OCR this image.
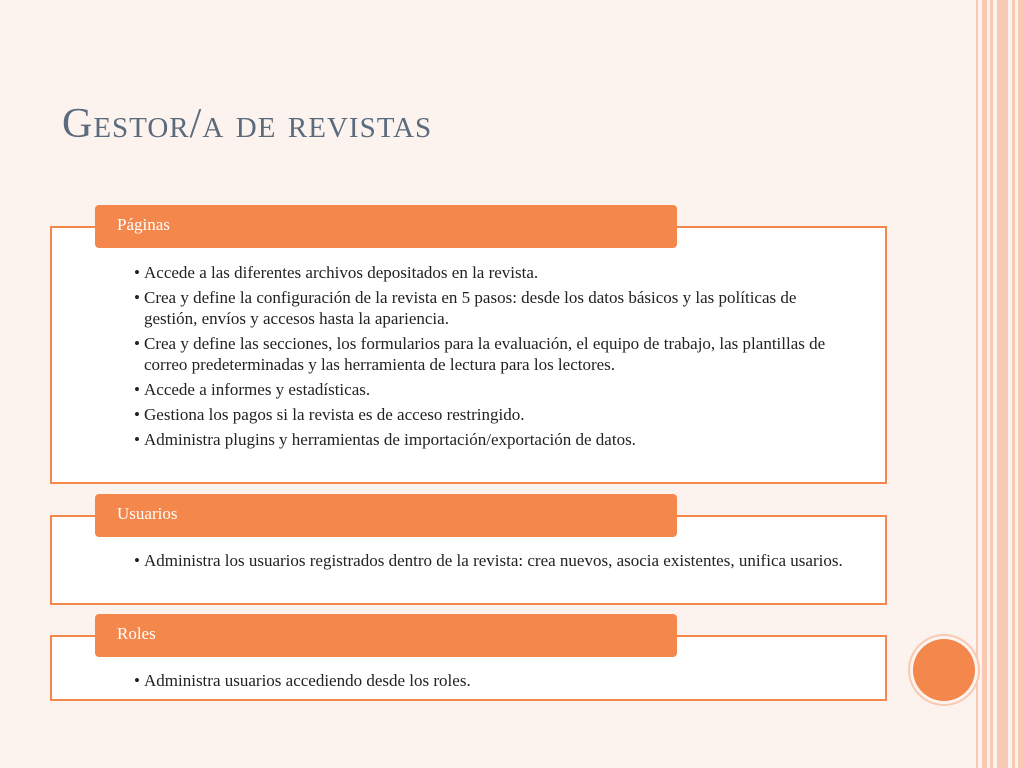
Gestor/a de revistas
• Accede a las diferentes archivos depositados en la revista.
• Crea y define la configuración de la revista en 5 pasos: desde los datos básicos y las políticas de gestión, envíos y accesos hasta la apariencia.
• Crea y define las secciones, los formularios para la evaluación, el equipo de trabajo, las plantillas de correo predeterminadas y las herramienta de lectura para los lectores.
• Accede a informes y estadísticas.
• Gestiona los pagos si la revista es de acceso restringido.
• Administra plugins y herramientas de importación/exportación de datos.
Páginas
• Administra los usuarios registrados dentro de la revista: crea nuevos, asocia existentes, unifica usarios.
Usuarios
• Administra usuarios accediendo desde los roles.
Roles
